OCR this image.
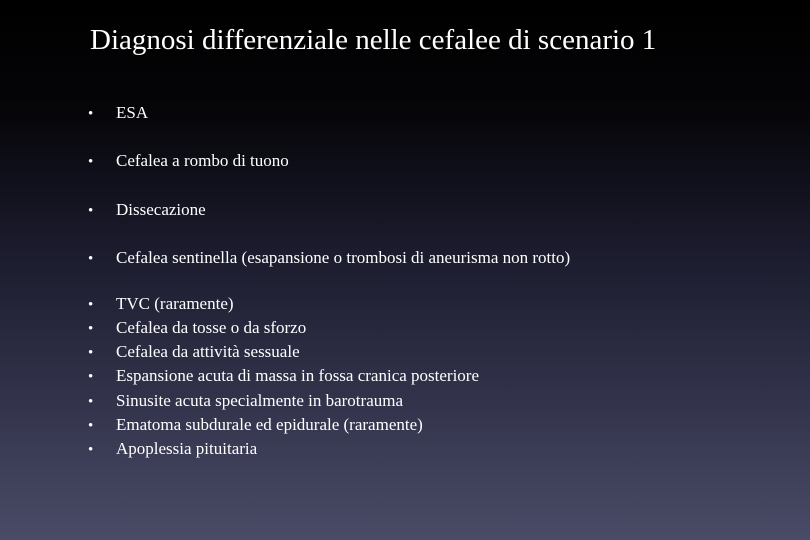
Diagnosi differenziale nelle cefalee di scenario 1
• ESA
• Cefalea a rombo di tuono
• Dissecazione
• Cefalea sentinella (esapansione o trombosi di aneurisma non rotto)
• TVC (raramente)
• Cefalea da tosse o da sforzo
• Cefalea da attività sessuale
• Espansione acuta di massa in fossa cranica posteriore
• Sinusite acuta specialmente in barotrauma
• Ematoma subdurale ed epidurale (raramente)
• Apoplessia pituitaria
